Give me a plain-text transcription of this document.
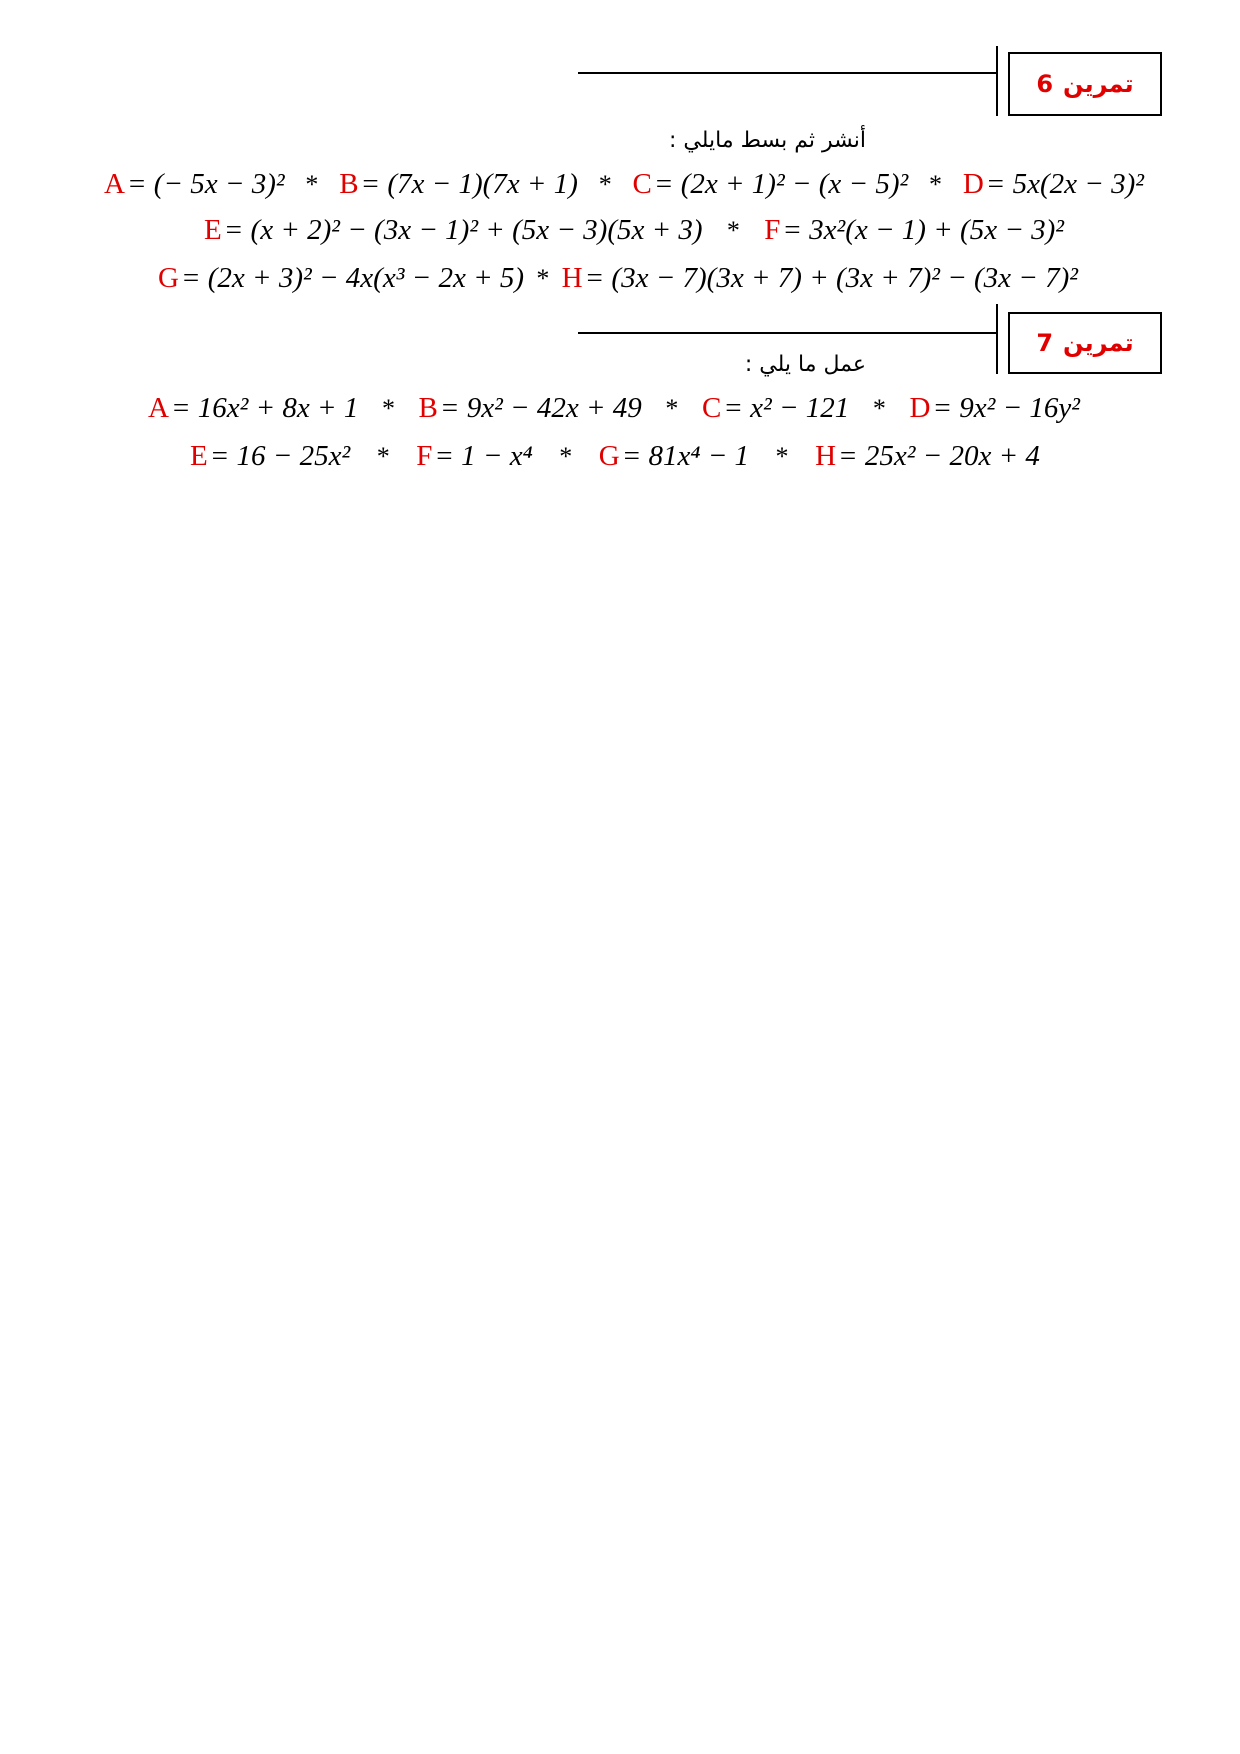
تمرين
6
أنشر ثم بسط مايلي :
A = (− 5x − 3)² * B = (7x − 1)(7x + 1) * C = (2x + 1)² − (x − 5)² * D = 5x(2x − 3)²
E = (x + 2)² − (3x − 1)² + (5x − 3)(5x + 3) * F = 3x²(x − 1) + (5x − 3)²
G = (2x + 3)² − 4x(x³ − 2x + 5) * H = (3x − 7)(3x + 7) + (3x + 7)² − (3x − 7)²
تمرين
7
عمل ما يلي :
A = 16x² + 8x + 1 * B = 9x² − 42x + 49 * C = x² − 121 * D = 9x² − 16y²
E = 16 − 25x² * F = 1 − x⁴ * G = 81x⁴ − 1 * H = 25x² − 20x + 4
